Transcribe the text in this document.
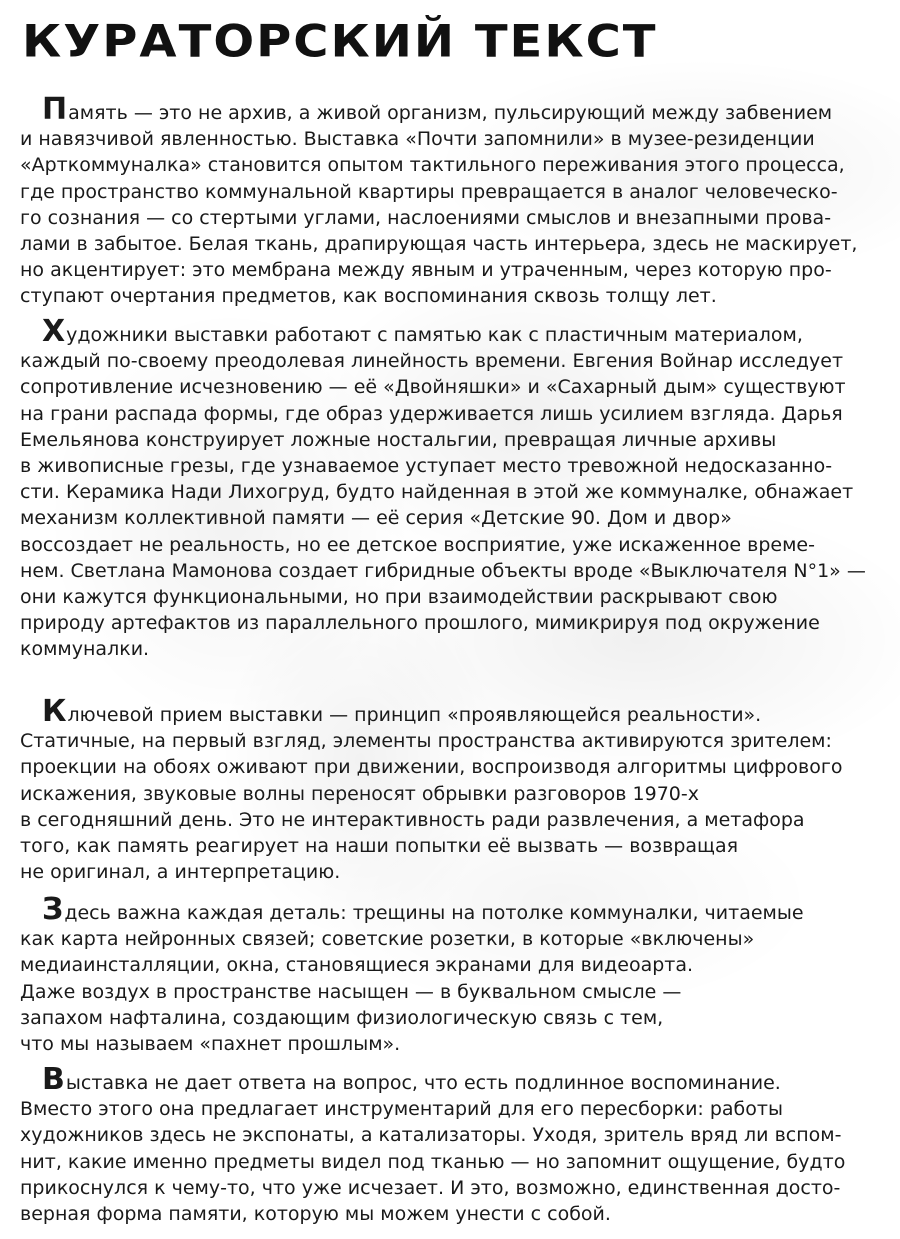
КУРАТОРСКИЙ ТЕКСТ

Память — это не архив, а живой организм, пульсирующий между забвением
и навязчивой явленностью. Выставка «Почти запомнили» в музее-резиденции
«Арткоммуналка» становится опытом тактильного переживания этого процесса,
где пространство коммунальной квартиры превращается в аналог человеческо-
го сознания — со стертыми углами, наслоениями смыслов и внезапными прова-
лами в забытое. Белая ткань, драпирующая часть интерьера, здесь не маскирует,
но акцентирует: это мембрана между явным и утраченным, через которую про-
ступают очертания предметов, как воспоминания сквозь толщу лет.

Художники выставки работают с памятью как с пластичным материалом,
каждый по-своему преодолевая линейность времени. Евгения Войнар исследует
сопротивление исчезновению — её «Двойняшки» и «Сахарный дым» существуют
на грани распада формы, где образ удерживается лишь усилием взгляда. Дарья
Емельянова конструирует ложные ностальгии, превращая личные архивы
в живописные грезы, где узнаваемое уступает место тревожной недосказанно-
сти. Керамика Нади Лихогруд, будто найденная в этой же коммуналке, обнажает
механизм коллективной памяти — её серия «Детские 90. Дом и двор»
воссоздает не реальность, но ее детское восприятие, уже искаженное време-
нем. Светлана Мамонова создает гибридные объекты вроде «Выключателя N°1» —
они кажутся функциональными, но при взаимодействии раскрывают свою
природу артефактов из параллельного прошлого, мимикрируя под окружение
коммуналки.

Ключевой прием выставки — принцип «проявляющейся реальности».
Статичные, на первый взгляд, элементы пространства активируются зрителем:
проекции на обоях оживают при движении, воспроизводя алгоритмы цифрового
искажения, звуковые волны переносят обрывки разговоров 1970-х
в сегодняшний день. Это не интерактивность ради развлечения, а метафора
того, как память реагирует на наши попытки её вызвать — возвращая
не оригинал, а интерпретацию.

Здесь важна каждая деталь: трещины на потолке коммуналки, читаемые
как карта нейронных связей; советские розетки, в которые «включены»
медиаинсталляции, окна, становящиеся экранами для видеоарта.
Даже воздух в пространстве насыщен — в буквальном смысле —
запахом нафталина, создающим физиологическую связь с тем,
что мы называем «пахнет прошлым».

Выставка не дает ответа на вопрос, что есть подлинное воспоминание.
Вместо этого она предлагает инструментарий для его пересборки: работы
художников здесь не экспонаты, а катализаторы. Уходя, зритель вряд ли вспом-
нит, какие именно предметы видел под тканью — но запомнит ощущение, будто
прикоснулся к чему-то, что уже исчезает. И это, возможно, единственная досто-
верная форма памяти, которую мы можем унести с собой.
